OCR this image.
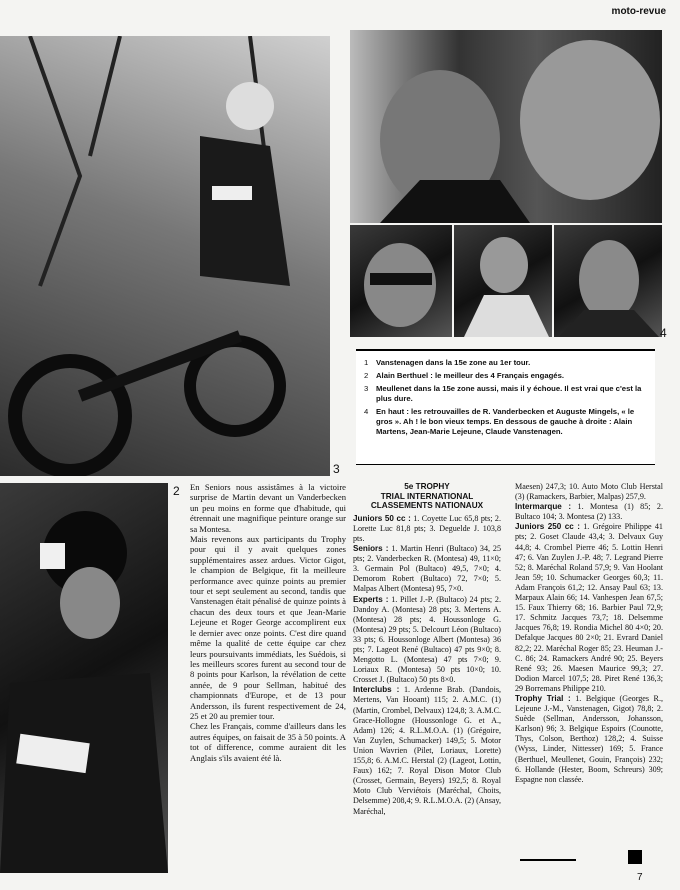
moto-revue
3
2
4
1	Vanstenagen dans la 15e zone au 1er tour.
2	Alain Berthuel : le meilleur des 4 Français engagés.
3	Meullenet dans la 15e zone aussi, mais il y échoue. Il est vrai que c'est la plus dure.
4	En haut : les retrouvailles de R. Vanderbecken et Auguste Mingels, « le gros ». Ah ! le bon vieux temps. En dessous de gauche à droite : Alain Martens, Jean-Marie Lejeune, Claude Vanstenagen.

En Seniors nous assistâmes à la victoire surprise de Martin devant un Vanderbecken un peu moins en forme que d'habitude, qui étrennait une magnifique peinture orange sur sa Montesa.

Mais revenons aux participants du Trophy pour qui il y avait quelques zones supplémentaires assez ardues. Victor Gigot, le champion de Belgique, fit la meilleure performance avec quinze points au premier tour et sept seulement au second, tandis que Vanstenagen était pénalisé de quinze points à chacun des deux tours et que Jean-Marie Lejeune et Roger George accomplirent eux le dernier avec onze points. C'est dire quand même la qualité de cette équipe car chez leurs poursuivants immédiats, les Suédois, si les meilleurs scores furent au second tour de 8 points pour Karlson, la révélation de cette année, de 9 pour Sellman, habitué des championnats d'Europe, et de 13 pour Andersson, ils furent respectivement de 24, 25 et 20 au premier tour.

Chez les Français, comme d'ailleurs dans les autres équipes, on faisait de 35 à 50 points. A tot of difference, comme auraient dit les Anglais s'ils avaient été là.

5e TROPHY
TRIAL INTERNATIONAL
CLASSEMENTS NATIONAUX
Juniors 50 cc : 1. Coyette Luc 65,8 pts; 2. Lorette Luc 81,8 pts; 3. Deguelde J. 103,8 pts.
Seniors : 1. Martin Henri (Bultaco) 34, 25 pts; 2. Vanderbecken R. (Montesa) 49, 11×0; 3. Germain Pol (Bultaco) 49,5, 7×0; 4. Demorom Robert (Bultaco) 72, 7×0; 5. Malpas Albert (Montesa) 95, 7×0.
Experts : 1. Pillet J.-P. (Bultaco) 24 pts; 2. Dandoy A. (Montesa) 28 pts; 3. Mertens A. (Montesa) 28 pts; 4. Houssonloge G. (Montesa) 29 pts; 5. Delcourt Léon (Bultaco) 33 pts; 6. Houssonloge Albert (Montesa) 36 pts; 7. Lageot René (Bultaco) 47 pts 9×0; 8. Mengotto L. (Montesa) 47 pts 7×0; 9. Loriaux R. (Montesa) 50 pts 10×0; 10. Crosset J. (Bultaco) 50 pts 8×0.
Interclubs : 1. Ardenne Brab. (Dandois, Mertens, Van Hooant) 115; 2. A.M.C. (1) (Martin, Crombel, Delvaux) 124,8; 3. A.M.C. Grace-Hollogne (Houssonloge G. et A., Adam) 126; 4. R.L.M.O.A. (1) (Grégoire, Van Zuylen, Schumacker) 149,5; 5. Motor Union Wavrien (Pilet, Loriaux, Lorette) 155,8; 6. A.M.C. Herstal (2) (Lageot, Lottin, Faux) 162; 7. Royal Dison Motor Club (Crosset, Germain, Beyers) 192,5; 8. Royal Moto Club Verviétois (Maréchal, Choits, Delsemme) 208,4; 9. R.L.M.O.A. (2) (Ansay, Maréchal,
Maesen) 247,3; 10. Auto Moto Club Herstal (3) (Ramackers, Barbier, Malpas) 257,9.
Intermarque : 1. Montesa (1) 85; 2. Bultaco 104; 3. Montesa (2) 133.
Juniors 250 cc : 1. Grégoire Philippe 41 pts; 2. Goset Claude 43,4; 3. Delvaux Guy 44,8; 4. Crombel Pierre 46; 5. Lottin Henri 47; 6. Van Zuylen J.-P. 48; 7. Legrand Pierre 52; 8. Maréchal Roland 57,9; 9. Van Hoolant Jean 59; 10. Schumacker Georges 60,3; 11. Adam François 61,2; 12. Ansay Paul 63; 13. Marpaux Alain 66; 14. Vanhespen Jean 67,5; 15. Faux Thierry 68; 16. Barbier Paul 72,9; 17. Schmitz Jacques 73,7; 18. Delsemme Jacques 76,8; 19. Rondia Michel 80 4×0; 20. Defalque Jacques 80 2×0; 21. Evrard Daniel 82,2; 22. Maréchal Roger 85; 23. Heuman J.-C. 86; 24. Ramackers André 90; 25. Beyers René 93; 26. Maesen Maurice 99,3; 27. Dodion Marcel 107,5; 28. Piret René 136,3; 29 Borremans Philippe 210.
Trophy Trial : 1. Belgique (Georges R., Lejeune J.-M., Vanstenagen, Gigot) 78,8; 2. Suède (Sellman, Andersson, Johansson, Karlson) 96; 3. Belgique Espoirs (Counotte, Thys, Colson, Berthoz) 128,2; 4. Suisse (Wyss, Linder, Nittesser) 169; 5. France (Berthuel, Meullenet, Gouin, François) 232; 6. Hollande (Hester, Boom, Schreurs) 309; Espagne non classée.
7
